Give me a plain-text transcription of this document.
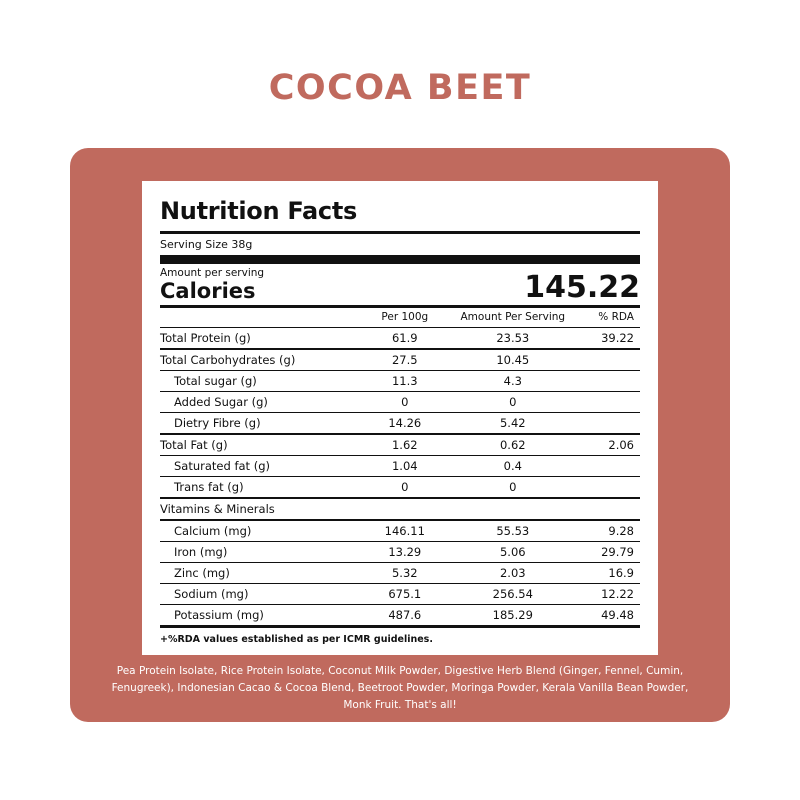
COCOA BEET
Nutrition Facts
Serving Size 38g
Amount per serving
Calories	145.22
	Per 100g	Amount Per Serving	% RDA
Total Protein (g)	61.9	23.53	39.22
Total Carbohydrates (g)	27.5	10.45	
Total sugar (g)	11.3	4.3	
Added Sugar (g)	0	0	
Dietry Fibre (g)	14.26	5.42	
Total Fat (g)	1.62	0.62	2.06
Saturated fat (g)	1.04	0.4	
Trans fat (g)	0	0	
Vitamins & Minerals			
Calcium (mg)	146.11	55.53	9.28
Iron (mg)	13.29	5.06	29.79
Zinc (mg)	5.32	2.03	16.9
Sodium (mg)	675.1	256.54	12.22
Potassium (mg)	487.6	185.29	49.48
+%RDA values established as per ICMR guidelines.
INGREDIENTS
Pea Protein Isolate, Rice Protein Isolate, Coconut Milk Powder, Digestive Herb Blend (Ginger, Fennel, Cumin, Fenugreek), Indonesian Cacao & Cocoa Blend, Beetroot Powder, Moringa Powder, Kerala Vanilla Bean Powder, Monk Fruit. That's all!
